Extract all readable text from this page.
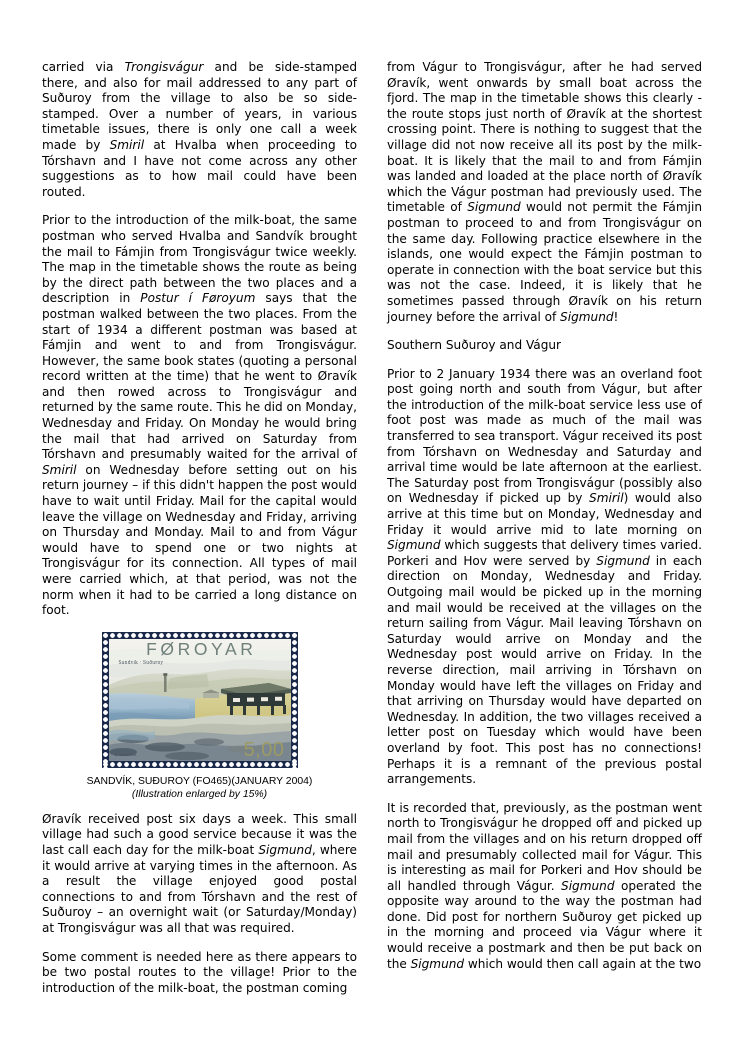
carried via Trongisvágur and be side-stamped there, and also for mail addressed to any part of Suðuroy from the village to also be so side-stamped. Over a number of years, in various timetable issues, there is only one call a week made by Smiril at Hvalba when proceeding to Tórshavn and I have not come across any other suggestions as to how mail could have been routed.

Prior to the introduction of the milk-boat, the same postman who served Hvalba and Sandvík brought the mail to Fámjin from Trongisvágur twice weekly. The map in the timetable shows the route as being by the direct path between the two places and a description in Postur í Føroyum says that the postman walked between the two places. From the start of 1934 a different postman was based at Fámjin and went to and from Trongisvágur. However, the same book states (quoting a personal record written at the time) that he went to Øravík and then rowed across to Trongisvágur and returned by the same route. This he did on Monday, Wednesday and Friday. On Monday he would bring the mail that had arrived on Saturday from Tórshavn and presumably waited for the arrival of Smiril on Wednesday before setting out on his return journey – if this didn't happen the post would have to wait until Friday. Mail for the capital would leave the village on Wednesday and Friday, arriving on Thursday and Monday. Mail to and from Vágur would have to spend one or two nights at Trongisvágur for its connection. All types of mail were carried which, at that period, was not the norm when it had to be carried a long distance on foot.

FØROYAR
Sandvík · Suðuroy
Z. Heinesen	5,00
SANDVÍK, SUÐUROY (FO465)(JANUARY 2004)
(Illustration enlarged by 15%)

Øravík received post six days a week. This small village had such a good service because it was the last call each day for the milk-boat Sigmund, where it would arrive at varying times in the afternoon. As a result the village enjoyed good postal connections to and from Tórshavn and the rest of Suðuroy – an overnight wait (or Saturday/Monday) at Trongisvágur was all that was required.

Some comment is needed here as there appears to be two postal routes to the village! Prior to the introduction of the milk-boat, the postman coming

from Vágur to Trongisvágur, after he had served Øravík, went onwards by small boat across the fjord. The map in the timetable shows this clearly - the route stops just north of Øravík at the shortest crossing point. There is nothing to suggest that the village did not now receive all its post by the milk-boat. It is likely that the mail to and from Fámjin was landed and loaded at the place north of Øravík which the Vágur postman had previously used. The timetable of Sigmund would not permit the Fámjin postman to proceed to and from Trongisvágur on the same day. Following practice elsewhere in the islands, one would expect the Fámjin postman to operate in connection with the boat service but this was not the case. Indeed, it is likely that he sometimes passed through Øravík on his return journey before the arrival of Sigmund!

Southern Suðuroy and Vágur

Prior to 2 January 1934 there was an overland foot post going north and south from Vágur, but after the introduction of the milk-boat service less use of foot post was made as much of the mail was transferred to sea transport. Vágur received its post from Tórshavn on Wednesday and Saturday and arrival time would be late afternoon at the earliest. The Saturday post from Trongisvágur (possibly also on Wednesday if picked up by Smiril) would also arrive at this time but on Monday, Wednesday and Friday it would arrive mid to late morning on Sigmund which suggests that delivery times varied. Porkeri and Hov were served by Sigmund in each direction on Monday, Wednesday and Friday. Outgoing mail would be picked up in the morning and mail would be received at the villages on the return sailing from Vágur. Mail leaving Tórshavn on Saturday would arrive on Monday and the Wednesday post would arrive on Friday. In the reverse direction, mail arriving in Tórshavn on Monday would have left the villages on Friday and that arriving on Thursday would have departed on Wednesday. In addition, the two villages received a letter post on Tuesday which would have been overland by foot. This post has no connections! Perhaps it is a remnant of the previous postal arrangements.

It is recorded that, previously, as the postman went north to Trongisvágur he dropped off and picked up mail from the villages and on his return dropped off mail and presumably collected mail for Vágur. This is interesting as mail for Porkeri and Hov should be all handled through Vágur. Sigmund operated the opposite way around to the way the postman had done. Did post for northern Suðuroy get picked up in the morning and proceed via Vágur where it would receive a postmark and then be put back on the Sigmund which would then call again at the two
